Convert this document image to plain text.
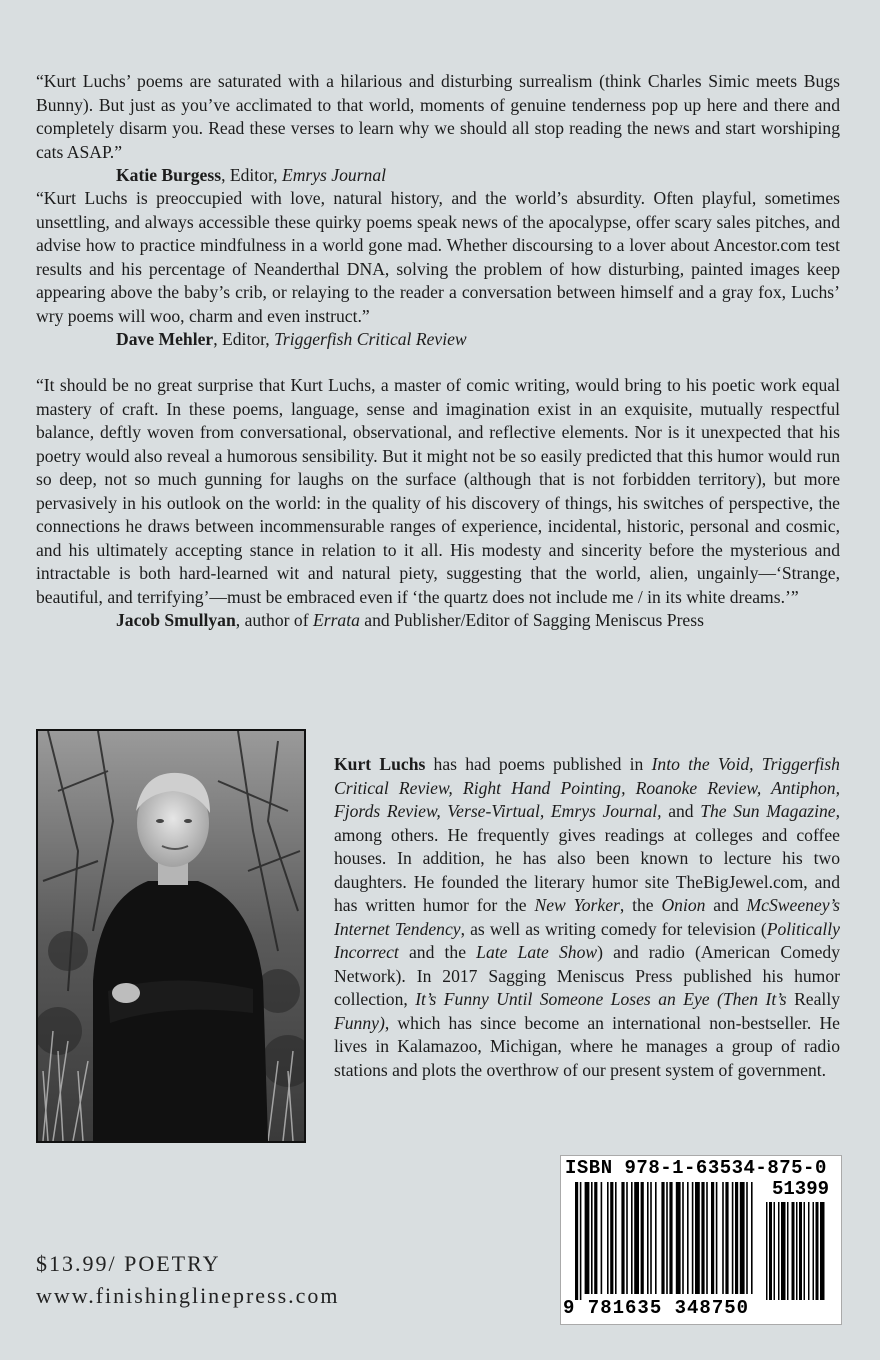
“Kurt Luchs’ poems are saturated with a hilarious and disturbing surrealism (think Charles Simic meets Bugs Bunny). But just as you’ve acclimated to that world, moments of genuine tenderness pop up here and there and completely disarm you. Read these verses to learn why we should all stop reading the news and start worshiping cats ASAP.”

Katie Burgess, Editor, Emrys Journal

“Kurt Luchs is preoccupied with love, natural history, and the world’s absurdity. Often playful, sometimes unsettling, and always accessible these quirky poems speak news of the apocalypse, offer scary sales pitches, and advise how to practice mindfulness in a world gone mad. Whether discoursing to a lover about Ancestor.com test results and his percentage of Neanderthal DNA, solving the problem of how disturbing, painted images keep appearing above the baby’s crib, or relaying to the reader a conversation between himself and a gray fox, Luchs’ wry poems will woo, charm and even instruct.”

Dave Mehler, Editor, Triggerfish Critical Review

“It should be no great surprise that Kurt Luchs, a master of comic writing, would bring to his poetic work equal mastery of craft. In these poems, language, sense and imagination exist in an exquisite, mutually respectful balance, deftly woven from conversational, observational, and reflective elements. Nor is it unexpected that his poetry would also reveal a humorous sensibility. But it might not be so easily predicted that this humor would run so deep, not so much gunning for laughs on the surface (although that is not forbidden territory), but more pervasively in his outlook on the world: in the quality of his discovery of things, his switches of perspective, the connections he draws between incommensurable ranges of experience, incidental, historic, personal and cosmic, and his ultimately accepting stance in relation to it all. His modesty and sincerity before the mysterious and intractable is both hard-learned wit and natural piety, suggesting that the world, alien, ungainly—‘Strange, beautiful, and terrifying’—must be embraced even if ‘the quartz does not include me / in its white dreams.’”

Jacob Smullyan, author of Errata and Publisher/Editor of Sagging Meniscus Press

Kurt Luchs has had poems published in Into the Void, Triggerfish Critical Review, Right Hand Pointing, Roanoke Review, Antiphon, Fjords Review, Verse-Virtual, Emrys Journal, and The Sun Magazine, among others. He frequently gives readings at colleges and coffee houses. In addition, he has also been known to lecture his two daughters. He founded the literary humor site TheBigJewel.com, and has written humor for the New Yorker, the Onion and McSweeney’s Internet Tendency, as well as writing comedy for television (Politically Incorrect and the Late Late Show) and radio (American Comedy Network). In 2017 Sagging Meniscus Press published his humor collection, It’s Funny Until Someone Loses an Eye (Then It’s Really Funny), which has since become an international non-bestseller. He lives in Kalamazoo, Michigan, where he manages a group of radio stations and plots the overthrow of our present system of government.

$13.99/ POETRY
www.finishinglinepress.com
ISBN 978-1-63534-875-0
51399
9 781635 348750
